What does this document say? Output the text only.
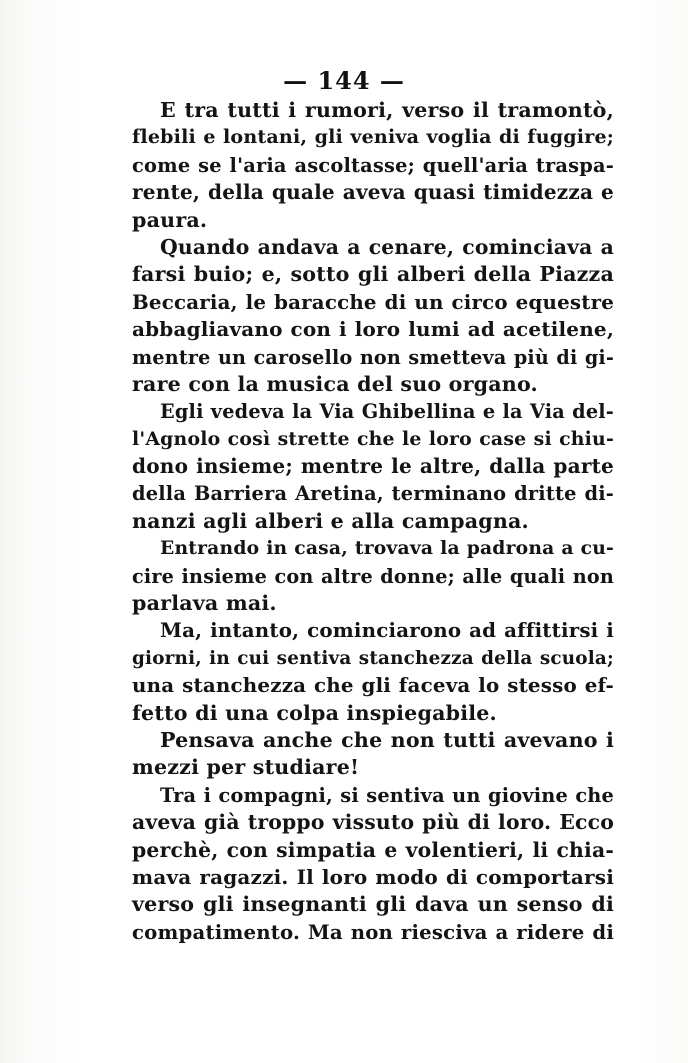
— 144 —
E tra tutti i rumori, verso il tramontò,
flebili e lontani, gli veniva voglia di fuggire;
come se l'aria ascoltasse; quell'aria traspa-
rente, della quale aveva quasi timidezza e
paura.
Quando andava a cenare, cominciava a
farsi buio; e, sotto gli alberi della Piazza
Beccaria, le baracche di un circo equestre
abbagliavano con i loro lumi ad acetilene,
mentre un carosello non smetteva più di gi-
rare con la musica del suo organo.
Egli vedeva la Via Ghibellina e la Via del-
l'Agnolo così strette che le loro case si chiu-
dono insieme; mentre le altre, dalla parte
della Barriera Aretina, terminano dritte di-
nanzi agli alberi e alla campagna.
Entrando in casa, trovava la padrona a cu-
cire insieme con altre donne; alle quali non
parlava mai.
Ma, intanto, cominciarono ad affittirsi i
giorni, in cui sentiva stanchezza della scuola;
una stanchezza che gli faceva lo stesso ef-
fetto di una colpa inspiegabile.
Pensava anche che non tutti avevano i
mezzi per studiare!
Tra i compagni, si sentiva un giovine che
aveva già troppo vissuto più di loro. Ecco
perchè, con simpatia e volentieri, li chia-
mava ragazzi. Il loro modo di comportarsi
verso gli insegnanti gli dava un senso di
compatimento. Ma non riesciva a ridere di
